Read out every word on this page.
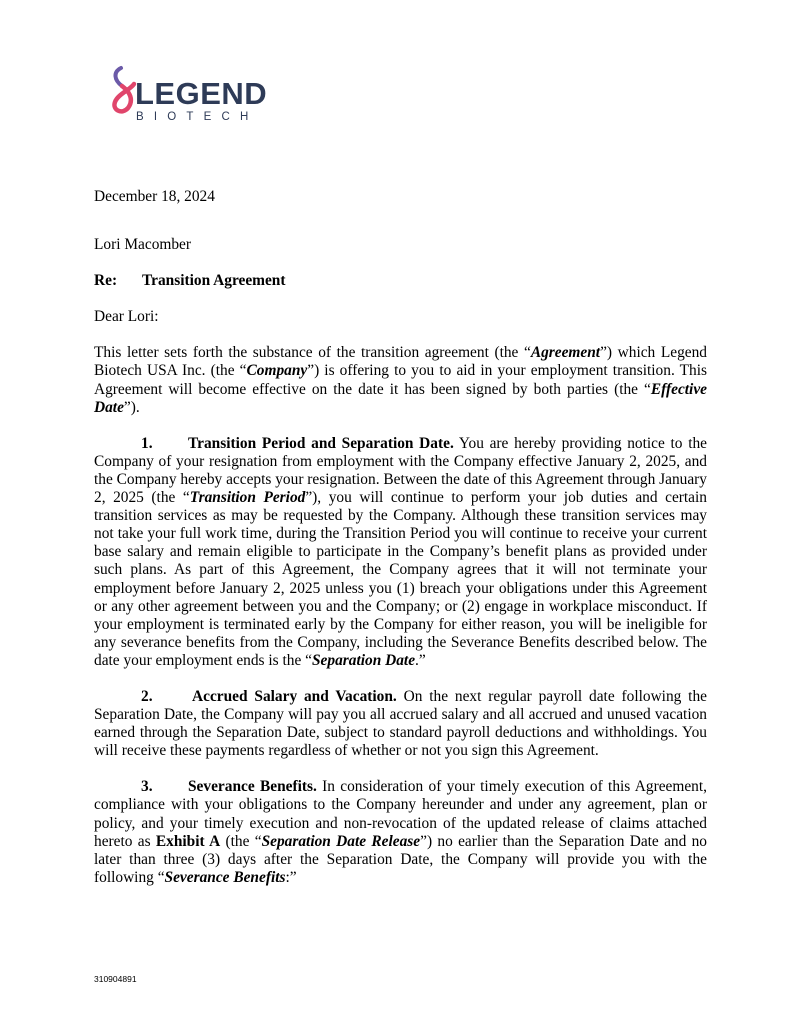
LEGEND
BIOTECH

December 18, 2024

Lori Macomber

Re: Transition Agreement

Dear Lori:

This letter sets forth the substance of the transition agreement (the “Agreement”) which Legend Biotech USA Inc. (the “Company”) is offering to you to aid in your employment transition. This Agreement will become effective on the date it has been signed by both parties (the “Effective Date”).

1. Transition Period and Separation Date. You are hereby providing notice to the Company of your resignation from employment with the Company effective January 2, 2025, and the Company hereby accepts your resignation. Between the date of this Agreement through January 2, 2025 (the “Transition Period”), you will continue to perform your job duties and certain transition services as may be requested by the Company. Although these transition services may not take your full work time, during the Transition Period you will continue to receive your current base salary and remain eligible to participate in the Company’s benefit plans as provided under such plans. As part of this Agreement, the Company agrees that it will not terminate your employment before January 2, 2025 unless you (1) breach your obligations under this Agreement or any other agreement between you and the Company; or (2) engage in workplace misconduct. If your employment is terminated early by the Company for either reason, you will be ineligible for any severance benefits from the Company, including the Severance Benefits described below. The date your employment ends is the “Separation Date.”

2.	Accrued Salary and Vacation. On the next regular payroll date following the Separation Date, the Company will pay you all accrued salary and all accrued and unused vacation earned through the Separation Date, subject to standard payroll deductions and withholdings. You will receive these payments regardless of whether or not you sign this Agreement.

3. Severance Benefits. In consideration of your timely execution of this Agreement, compliance with your obligations to the Company hereunder and under any agreement, plan or policy, and your timely execution and non-revocation of the updated release of claims attached hereto as Exhibit A (the “Separation Date Release”) no earlier than the Separation Date and no later than three (3) days after the Separation Date, the Company will provide you with the following “Severance Benefits:”

310904891
